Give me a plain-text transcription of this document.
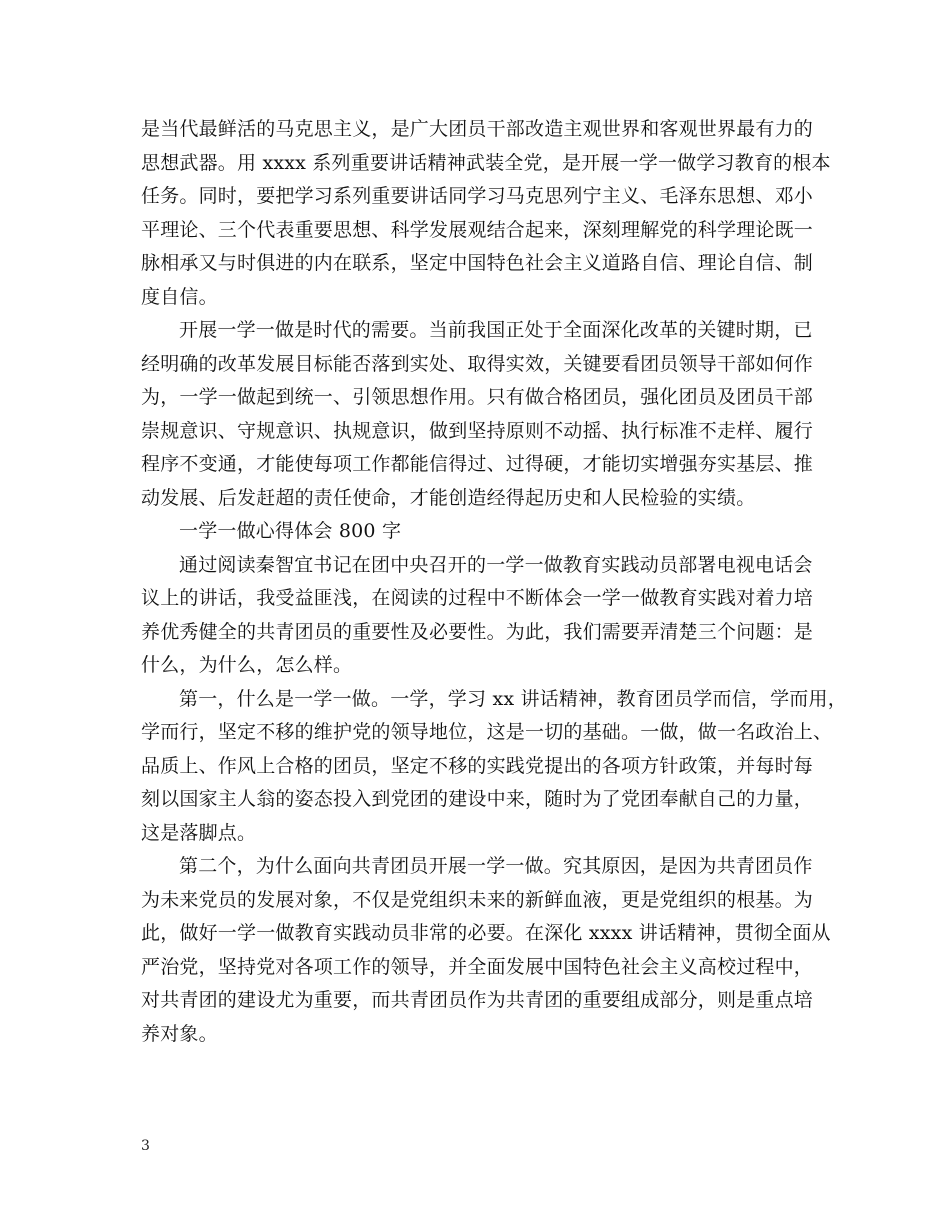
是当代最鲜活的马克思主义，是广大团员干部改造主观世界和客观世界最有力的
思想武器。用 xxxx 系列重要讲话精神武装全党，是开展一学一做学习教育的根本
任务。同时，要把学习系列重要讲话同学习马克思列宁主义、毛泽东思想、邓小
平理论、三个代表重要思想、科学发展观结合起来，深刻理解党的科学理论既一
脉相承又与时俱进的内在联系，坚定中国特色社会主义道路自信、理论自信、制
度自信。
开展一学一做是时代的需要。当前我国正处于全面深化改革的关键时期，已
经明确的改革发展目标能否落到实处、取得实效，关键要看团员领导干部如何作
为，一学一做起到统一、引领思想作用。只有做合格团员，强化团员及团员干部
崇规意识、守规意识、执规意识，做到坚持原则不动摇、执行标准不走样、履行
程序不变通，才能使每项工作都能信得过、过得硬，才能切实增强夯实基层、推
动发展、后发赶超的责任使命，才能创造经得起历史和人民检验的实绩。
一学一做心得体会 800 字
通过阅读秦智宜书记在团中央召开的一学一做教育实践动员部署电视电话会
议上的讲话，我受益匪浅，在阅读的过程中不断体会一学一做教育实践对着力培
养优秀健全的共青团员的重要性及必要性。为此，我们需要弄清楚三个问题：是
什么，为什么，怎么样。
第一，什么是一学一做。一学，学习 xx 讲话精神，教育团员学而信，学而用，
学而行，坚定不移的维护党的领导地位，这是一切的基础。一做，做一名政治上、
品质上、作风上合格的团员，坚定不移的实践党提出的各项方针政策，并每时每
刻以国家主人翁的姿态投入到党团的建设中来，随时为了党团奉献自己的力量，
这是落脚点。
第二个，为什么面向共青团员开展一学一做。究其原因，是因为共青团员作
为未来党员的发展对象，不仅是党组织未来的新鲜血液，更是党组织的根基。为
此，做好一学一做教育实践动员非常的必要。在深化 xxxx 讲话精神，贯彻全面从
严治党，坚持党对各项工作的领导，并全面发展中国特色社会主义高校过程中，
对共青团的建设尤为重要，而共青团员作为共青团的重要组成部分，则是重点培
养对象。
3
